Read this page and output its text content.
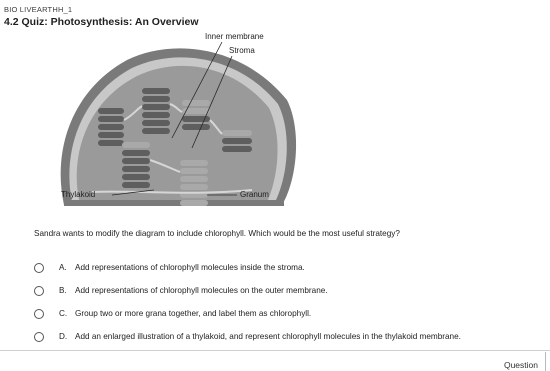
BIO LIVEARTHH_1
4.2 Quiz: Photosynthesis: An Overview
Inner membrane
Stroma
Thylakoid	Granum
Sandra wants to modify the diagram to include chlorophyll. Which would be the most useful strategy?
A. Add representations of chlorophyll molecules inside the stroma.
B. Add representations of chlorophyll molecules on the outer membrane.
C. Group two or more grana together, and label them as chlorophyll.
D. Add an enlarged illustration of a thylakoid, and represent chlorophyll molecules in the thylakoid membrane.
Question
